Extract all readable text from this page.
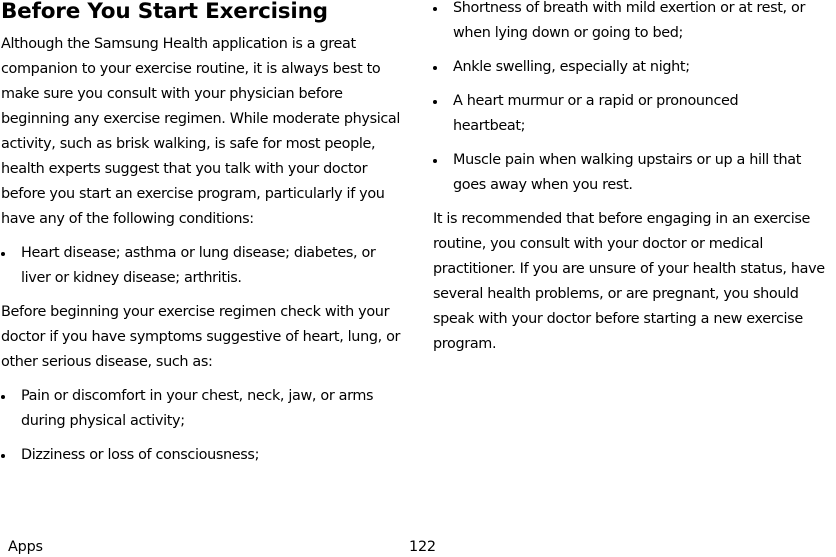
Before You Start Exercising

Although the Samsung Health application is a great companion to your exercise routine, it is always best to make sure you consult with your physician before beginning any exercise regimen. While moderate physical activity, such as brisk walking, is safe for most people, health experts suggest that you talk with your doctor before you start an exercise program, particularly if you have any of the following conditions:

Heart disease; asthma or lung disease; diabetes, or liver or kidney disease; arthritis.

Before beginning your exercise regimen check with your doctor if you have symptoms suggestive of heart, lung, or other serious disease, such as:

Pain or discomfort in your chest, neck, jaw, or arms during physical activity;
Dizziness or loss of consciousness;
Shortness of breath with mild exertion or at rest, or when lying down or going to bed;
Ankle swelling, especially at night;
A heart murmur or a rapid or pronounced heartbeat;
Muscle pain when walking upstairs or up a hill that goes away when you rest.

It is recommended that before engaging in an exercise routine, you consult with your doctor or medical practitioner. If you are unsure of your health status, have several health problems, or are pregnant, you should speak with your doctor before starting a new exercise program.

Apps	122
